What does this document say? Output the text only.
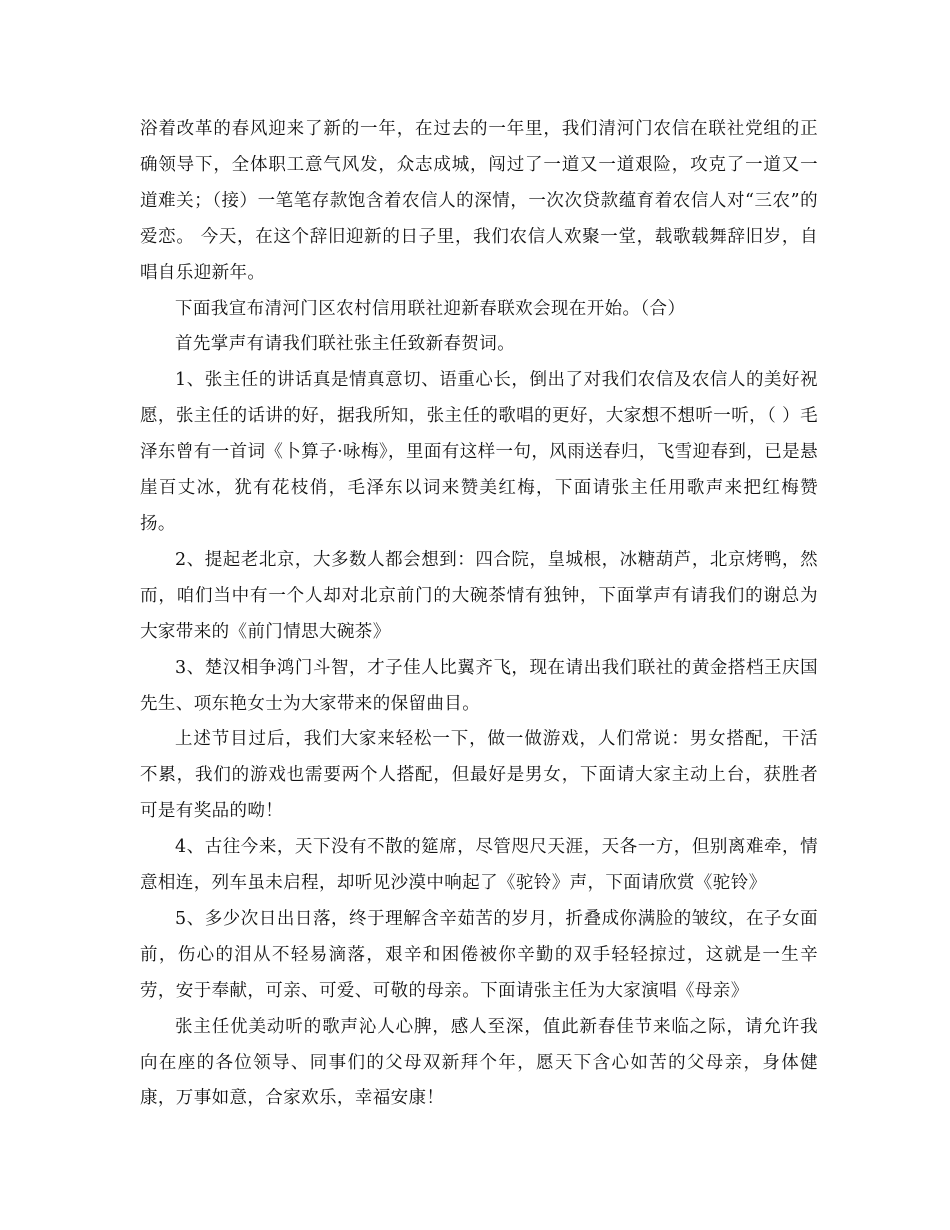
浴着改革的春风迎来了新的一年，在过去的一年里，我们清河门农信在联社党组的正确领导下，全体职工意气风发，众志成城，闯过了一道又一道艰险，攻克了一道又一道难关；（接）一笔笔存款饱含着农信人的深情，一次次贷款蕴育着农信人对“三农”的爱恋。 今天，在这个辞旧迎新的日子里，我们农信人欢聚一堂，载歌载舞辞旧岁，自唱自乐迎新年。

下面我宣布清河门区农村信用联社迎新春联欢会现在开始。（合）

首先掌声有请我们联社张主任致新春贺词。

1、张主任的讲话真是情真意切、语重心长，倒出了对我们农信及农信人的美好祝愿，张主任的话讲的好，据我所知，张主任的歌唱的更好，大家想不想听一听，（ ）毛泽东曾有一首词《卜算子·咏梅》，里面有这样一句，风雨送春归，飞雪迎春到，已是悬崖百丈冰，犹有花枝俏，毛泽东以词来赞美红梅，下面请张主任用歌声来把红梅赞扬。

2、提起老北京，大多数人都会想到：四合院，皇城根，冰糖葫芦，北京烤鸭，然而，咱们当中有一个人却对北京前门的大碗茶情有独钟，下面掌声有请我们的谢总为大家带来的《前门情思大碗茶》

3、楚汉相争鸿门斗智，才子佳人比翼齐飞，现在请出我们联社的黄金搭档王庆国先生、项东艳女士为大家带来的保留曲目。

上述节目过后，我们大家来轻松一下，做一做游戏，人们常说：男女搭配，干活不累，我们的游戏也需要两个人搭配，但最好是男女，下面请大家主动上台，获胜者可是有奖品的呦！

4、古往今来，天下没有不散的筵席，尽管咫尺天涯，天各一方，但别离难牵，情意相连，列车虽未启程，却听见沙漠中响起了《驼铃》声，下面请欣赏《驼铃》

5、多少次日出日落，终于理解含辛茹苦的岁月，折叠成你满脸的皱纹，在子女面前，伤心的泪从不轻易滴落，艰辛和困倦被你辛勤的双手轻轻掠过，这就是一生辛劳，安于奉献，可亲、可爱、可敬的母亲。下面请张主任为大家演唱《母亲》

张主任优美动听的歌声沁人心脾，感人至深，值此新春佳节来临之际，请允许我向在座的各位领导、同事们的父母双新拜个年，愿天下含心如苦的父母亲，身体健康，万事如意，合家欢乐，幸福安康！
